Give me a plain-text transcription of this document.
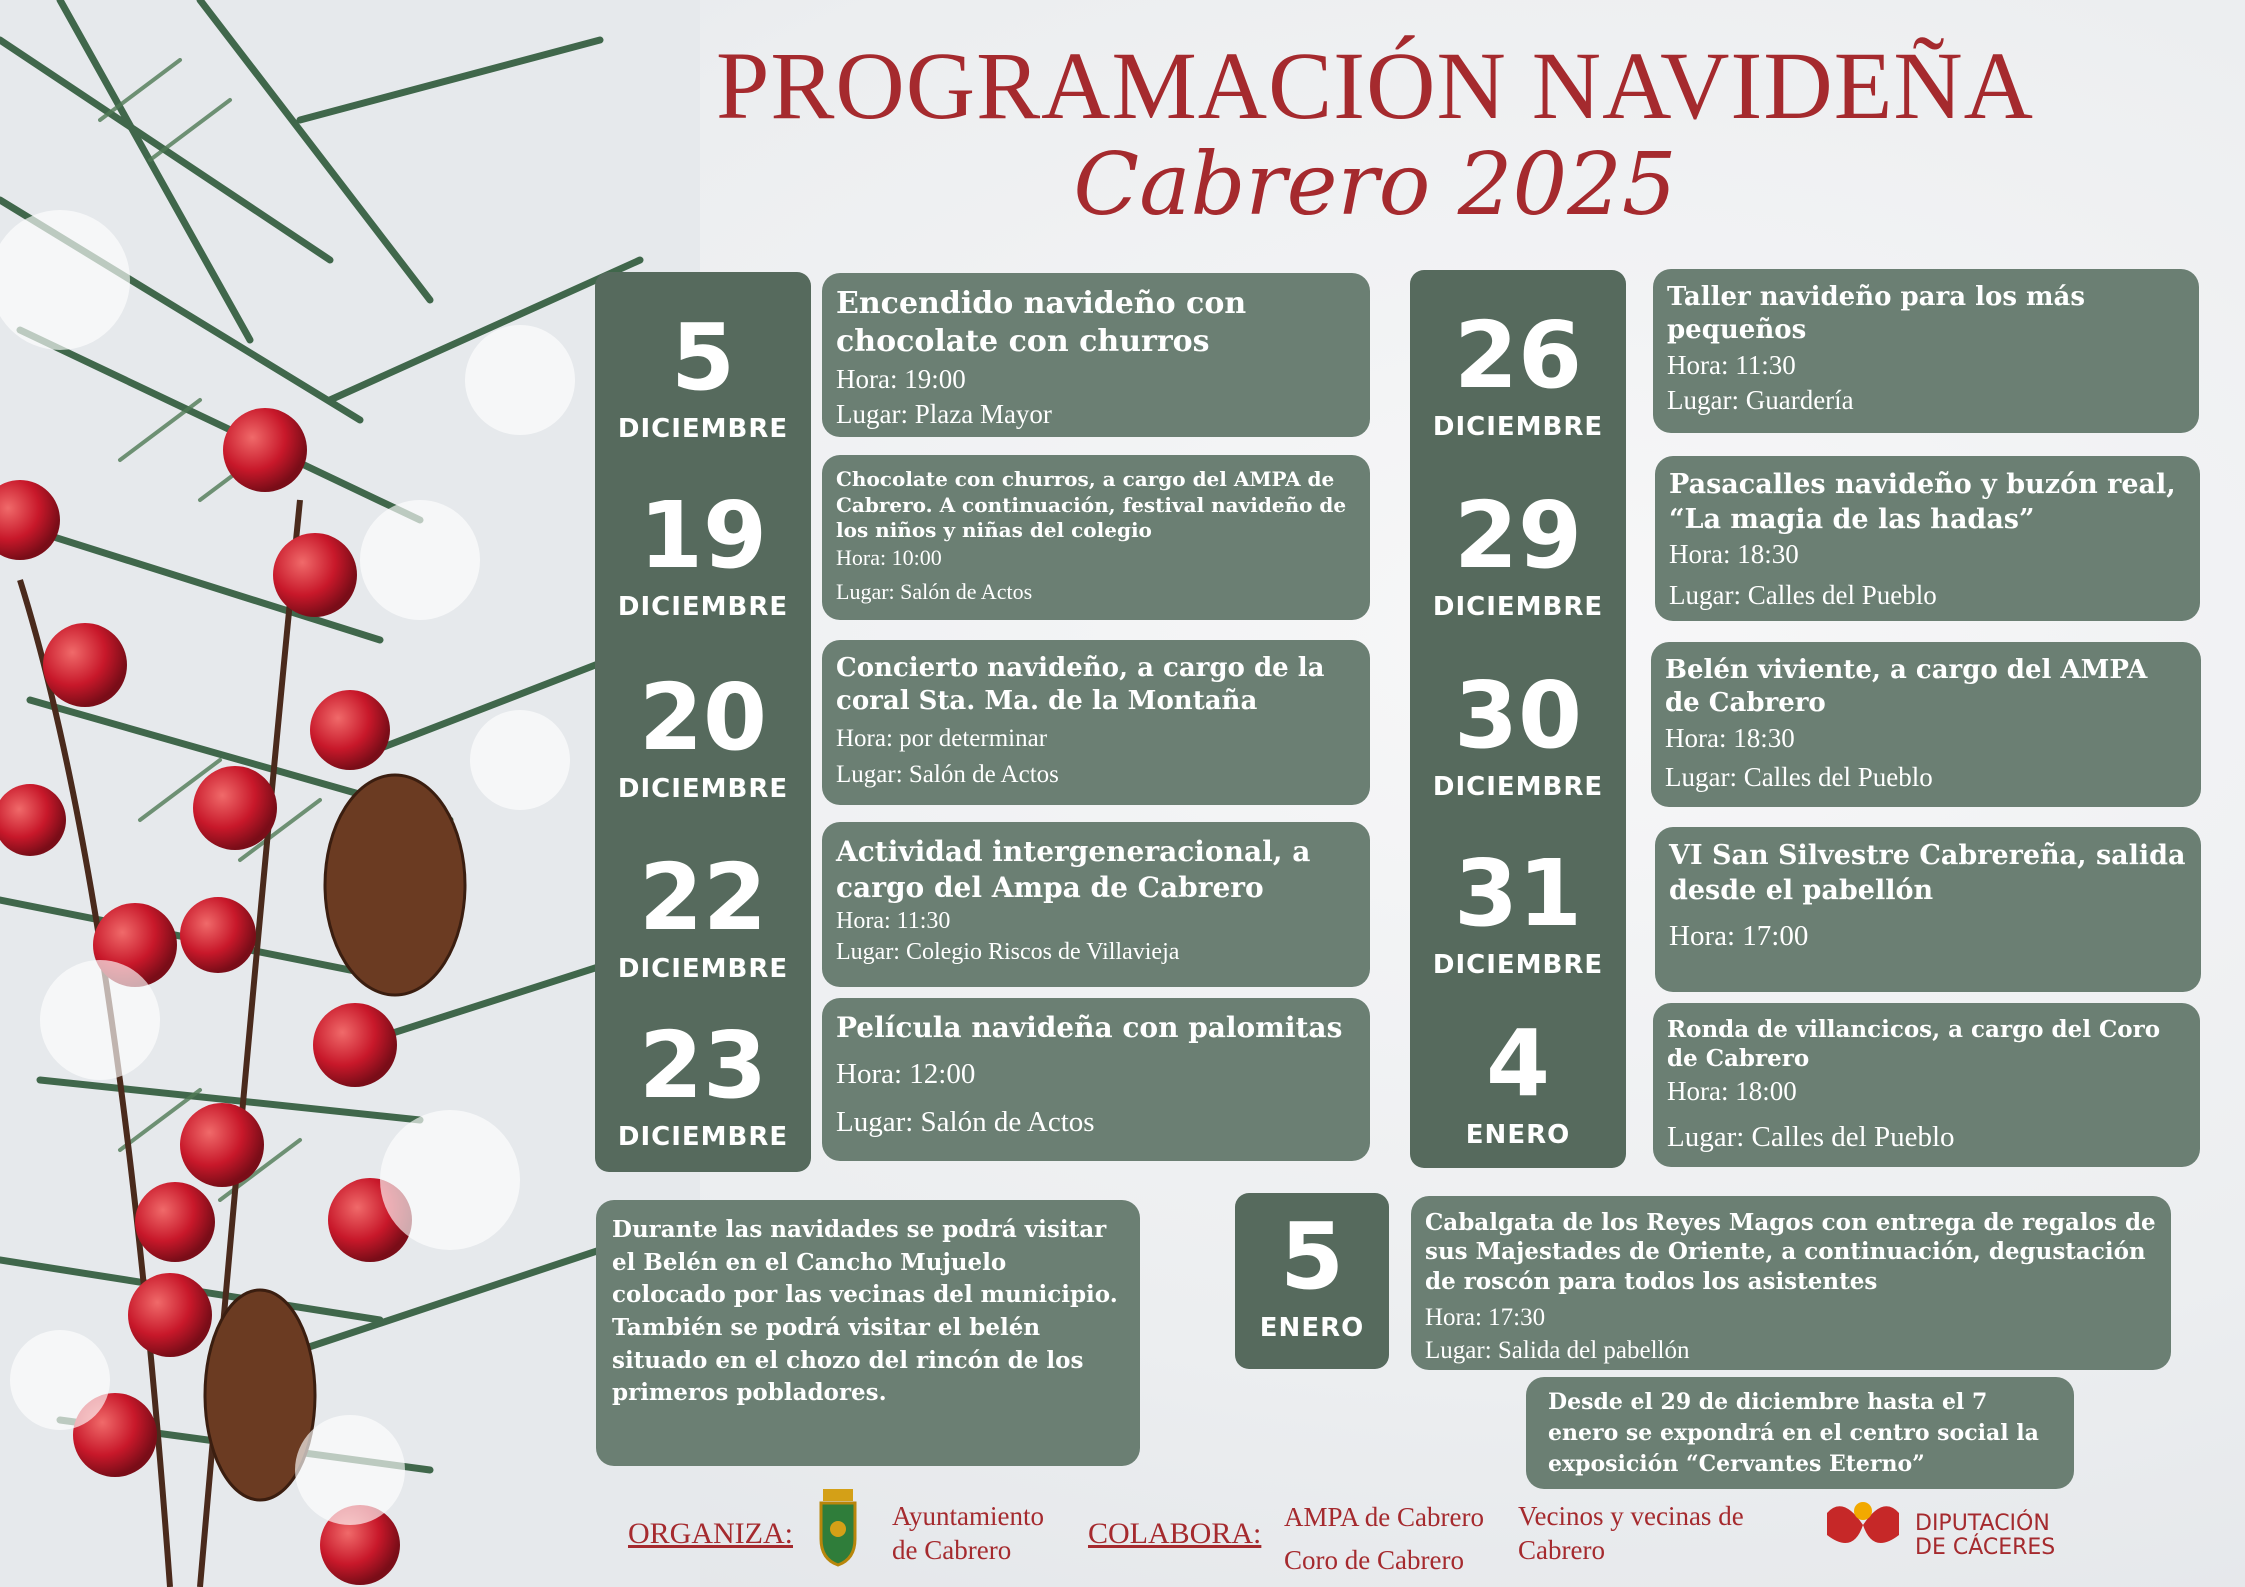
PROGRAMACIÓN NAVIDEÑA
Cabrero 2025
5
DICIEMBRE
19
DICIEMBRE
20
DICIEMBRE
22
DICIEMBRE
23
DICIEMBRE
Encendido navideño con chocolate con churros
Hora: 19:00
Lugar: Plaza Mayor
Chocolate con churros, a cargo del AMPA de Cabrero. A continuación, festival navideño de los niños y niñas del colegio
Hora: 10:00
Lugar: Salón de Actos
Concierto navideño, a cargo de la coral Sta. Ma. de la Montaña
Hora: por determinar
Lugar: Salón de Actos
Actividad intergeneracional, a cargo del Ampa de Cabrero
Hora: 11:30
Lugar: Colegio Riscos de Villavieja
Película navideña con palomitas
Hora: 12:00
Lugar: Salón de Actos
26
DICIEMBRE
29
DICIEMBRE
30
DICIEMBRE
31
DICIEMBRE
4
ENERO
Taller navideño para los más pequeños
Hora: 11:30
Lugar: Guardería
Pasacalles navideño y buzón real, “La magia de las hadas”
Hora: 18:30
Lugar: Calles del Pueblo
Belén viviente, a cargo del AMPA de Cabrero
Hora: 18:30
Lugar: Calles del Pueblo
VI San Silvestre Cabrereña, salida desde el pabellón
Hora: 17:00
Ronda de villancicos, a cargo del Coro de Cabrero
Hora: 18:00
Lugar: Calles del Pueblo
Durante las navidades se podrá visitar el Belén en el Cancho Mujuelo colocado por las vecinas del municipio.
También se podrá visitar el belén situado en el chozo del rincón de los primeros pobladores.
5
ENERO
Cabalgata de los Reyes Magos con entrega de regalos de sus Majestades de Oriente, a continuación, degustación de roscón para todos los asistentes
Hora: 17:30
Lugar: Salida del pabellón
Desde el 29 de diciembre hasta el 7 enero se expondrá en el centro social la exposición “Cervantes Eterno”
ORGANIZA:
Ayuntamiento
de Cabrero	COLABORA: AMPA de Cabrero
Coro de Cabrero
Vecinos y vecinas de
Cabrero
DIPUTACIÓN
DE CÁCERES
